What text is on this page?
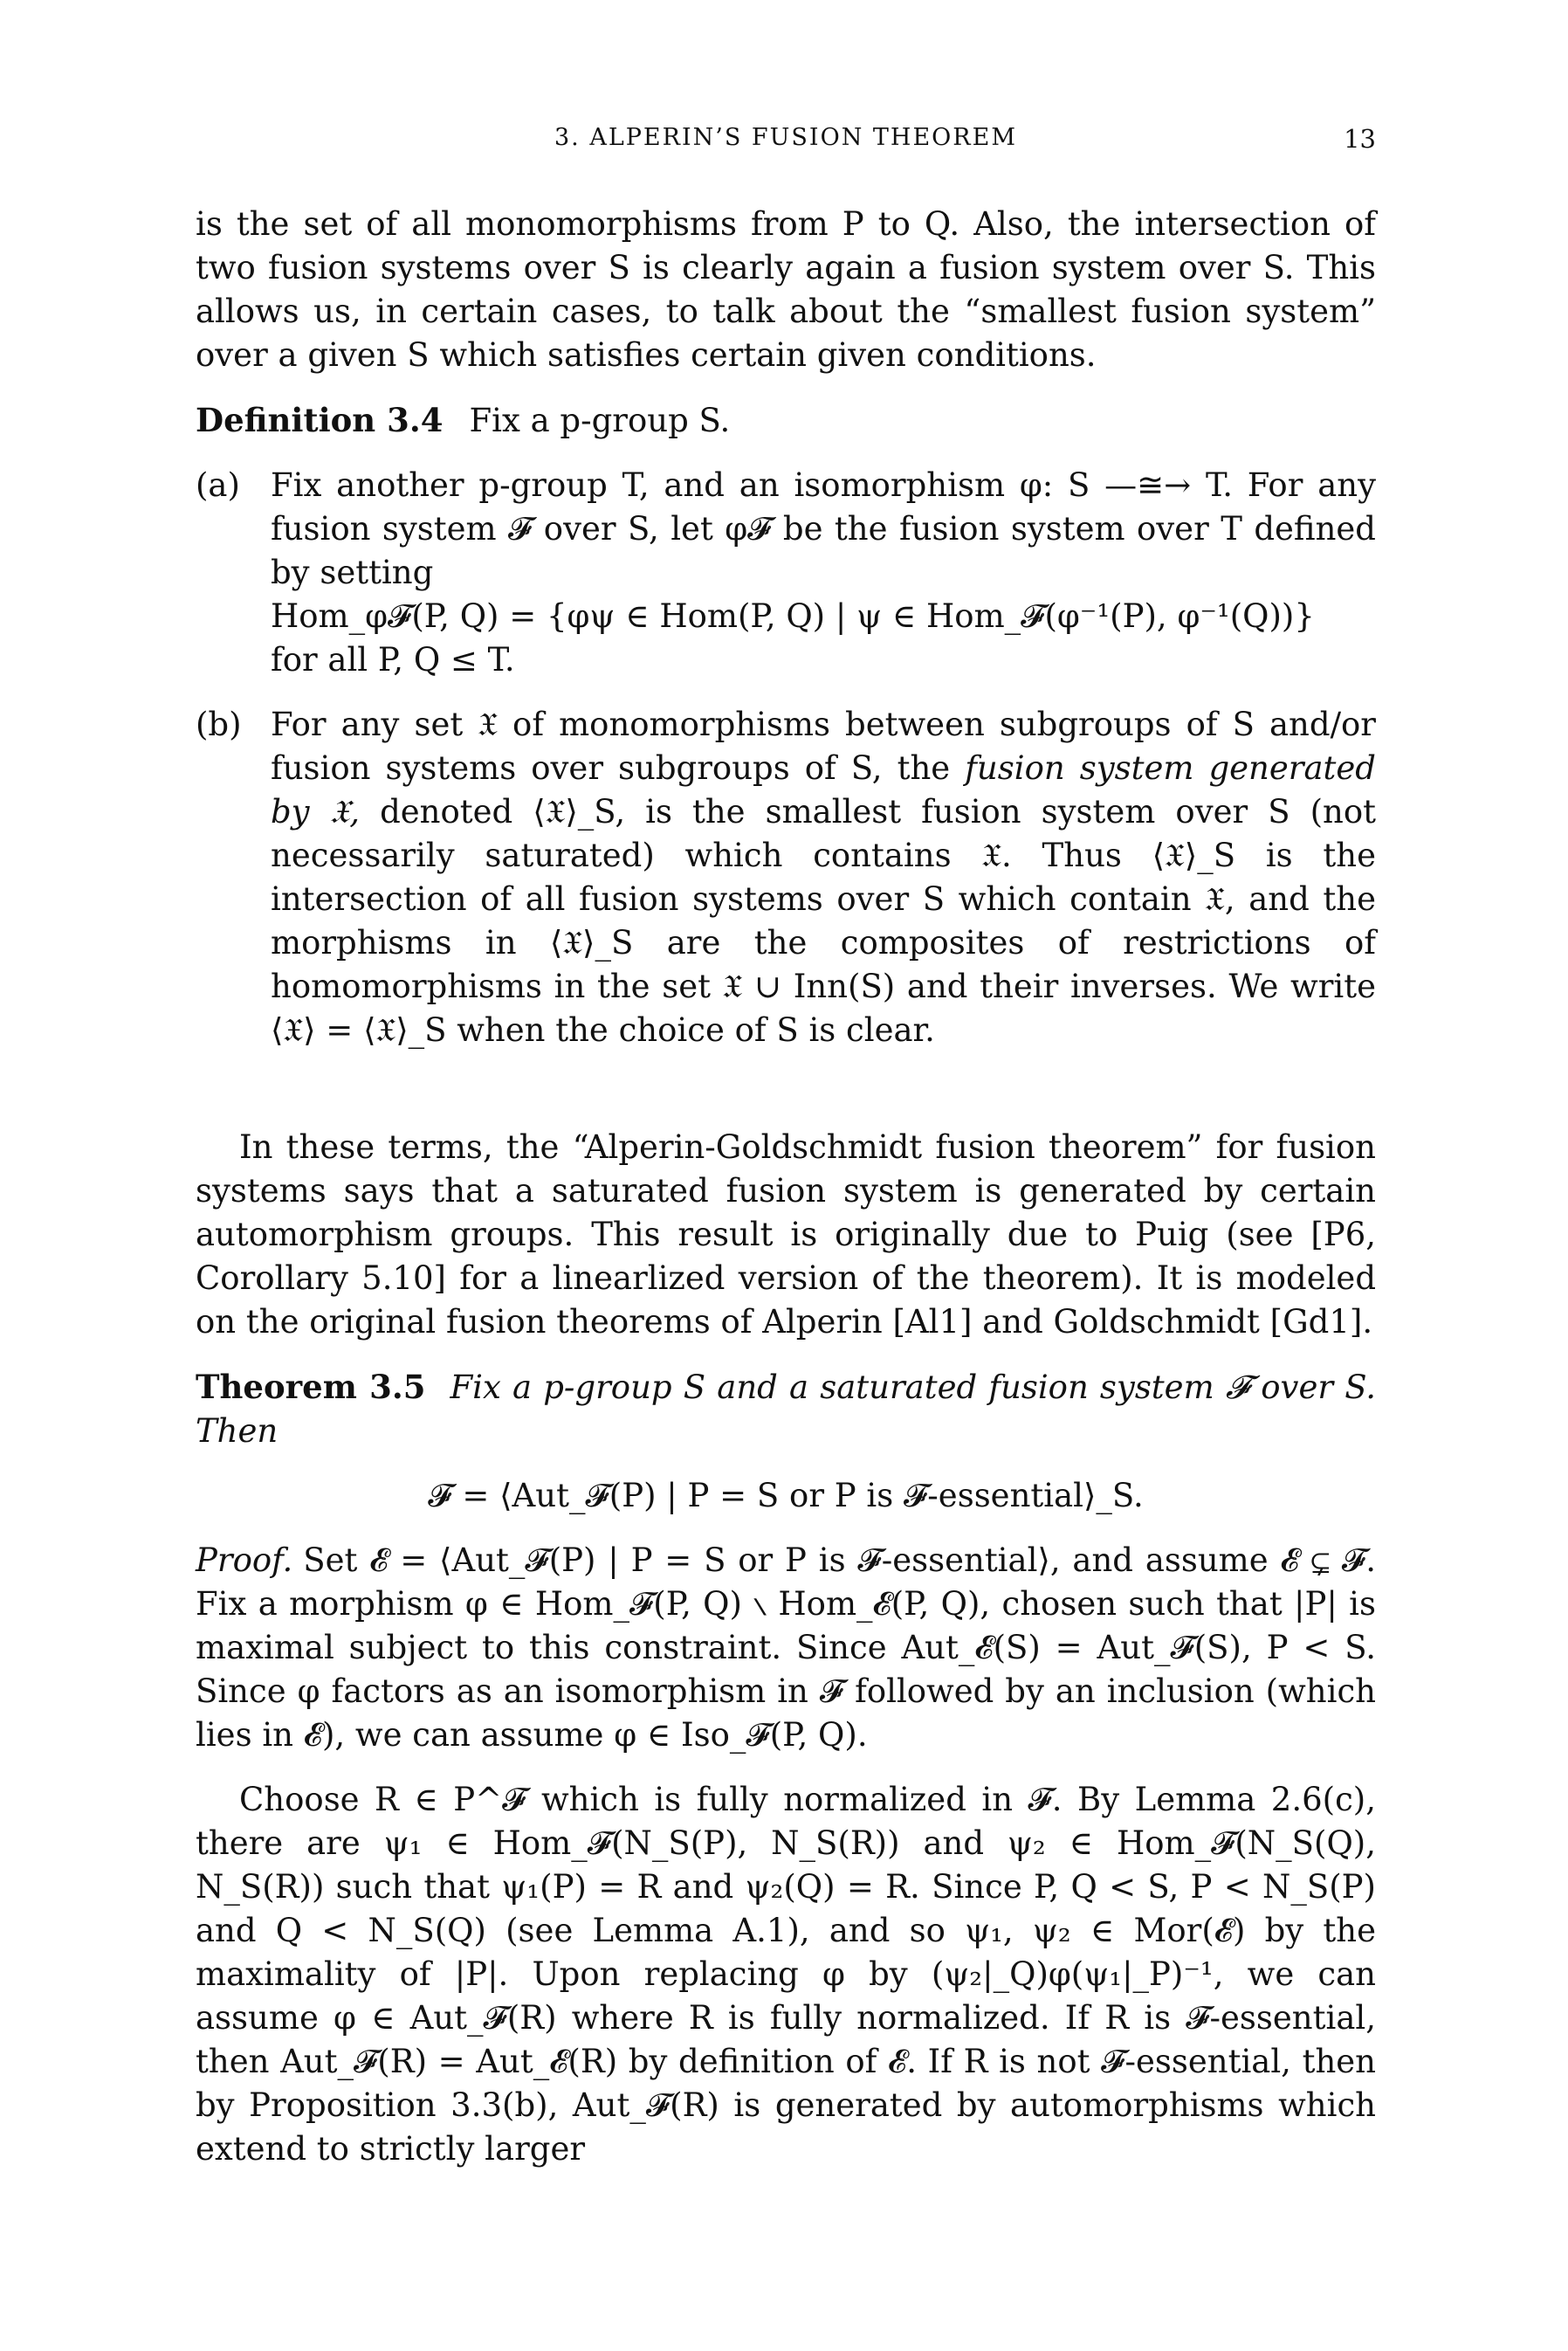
3. ALPERIN’S FUSION THEOREM	13

is the set of all monomorphisms from P to Q. Also, the intersection of two fusion systems over S is clearly again a fusion system over S. This allows us, in certain cases, to talk about the “smallest fusion system” over a given S which satisfies certain given conditions.

Definition 3.4 Fix a p-group S.

(a) Fix another p-group T, and an isomorphism φ: S —≅→ T. For any fusion system 𝓕 over S, let φ𝓕 be the fusion system over T defined by setting

Hom_φ𝓕(P, Q) = {φψ ∈ Hom(P, Q) | ψ ∈ Hom_𝓕(φ⁻¹(P), φ⁻¹(Q))}

for all P, Q ≤ T.

(b) For any set 𝔛 of monomorphisms between subgroups of S and/or fusion systems over subgroups of S, the fusion system generated by 𝔛, denoted ⟨𝔛⟩_S, is the smallest fusion system over S (not necessarily saturated) which contains 𝔛. Thus ⟨𝔛⟩_S is the intersection of all fusion systems over S which contain 𝔛, and the morphisms in ⟨𝔛⟩_S are the composites of restrictions of homomorphisms in the set 𝔛 ∪ Inn(S) and their inverses. We write ⟨𝔛⟩ = ⟨𝔛⟩_S when the choice of S is clear.

In these terms, the “Alperin-Goldschmidt fusion theorem” for fusion systems says that a saturated fusion system is generated by certain automorphism groups. This result is originally due to Puig (see [P6, Corollary 5.10] for a linearlized version of the theorem). It is modeled on the original fusion theorems of Alperin [Al1] and Goldschmidt [Gd1].

Theorem 3.5 Fix a p-group S and a saturated fusion system 𝓕 over S. Then

𝓕 = ⟨Aut_𝓕(P) | P = S or P is 𝓕-essential⟩_S.

Proof. Set 𝓔 = ⟨Aut_𝓕(P) | P = S or P is 𝓕-essential⟩, and assume 𝓔 ⊊ 𝓕. Fix a morphism φ ∈ Hom_𝓕(P, Q) ∖ Hom_𝓔(P, Q), chosen such that |P| is maximal subject to this constraint. Since Aut_𝓔(S) = Aut_𝓕(S), P < S. Since φ factors as an isomorphism in 𝓕 followed by an inclusion (which lies in 𝓔), we can assume φ ∈ Iso_𝓕(P, Q).

Choose R ∈ P^𝓕 which is fully normalized in 𝓕. By Lemma 2.6(c), there are ψ₁ ∈ Hom_𝓕(N_S(P), N_S(R)) and ψ₂ ∈ Hom_𝓕(N_S(Q), N_S(R)) such that ψ₁(P) = R and ψ₂(Q) = R. Since P, Q < S, P < N_S(P) and Q < N_S(Q) (see Lemma A.1), and so ψ₁, ψ₂ ∈ Mor(𝓔) by the maximality of |P|. Upon replacing φ by (ψ₂|_Q)φ(ψ₁|_P)⁻¹, we can assume φ ∈ Aut_𝓕(R) where R is fully normalized. If R is 𝓕-essential, then Aut_𝓕(R) = Aut_𝓔(R) by definition of 𝓔. If R is not 𝓕-essential, then by Proposition 3.3(b), Aut_𝓕(R) is generated by automorphisms which extend to strictly larger
